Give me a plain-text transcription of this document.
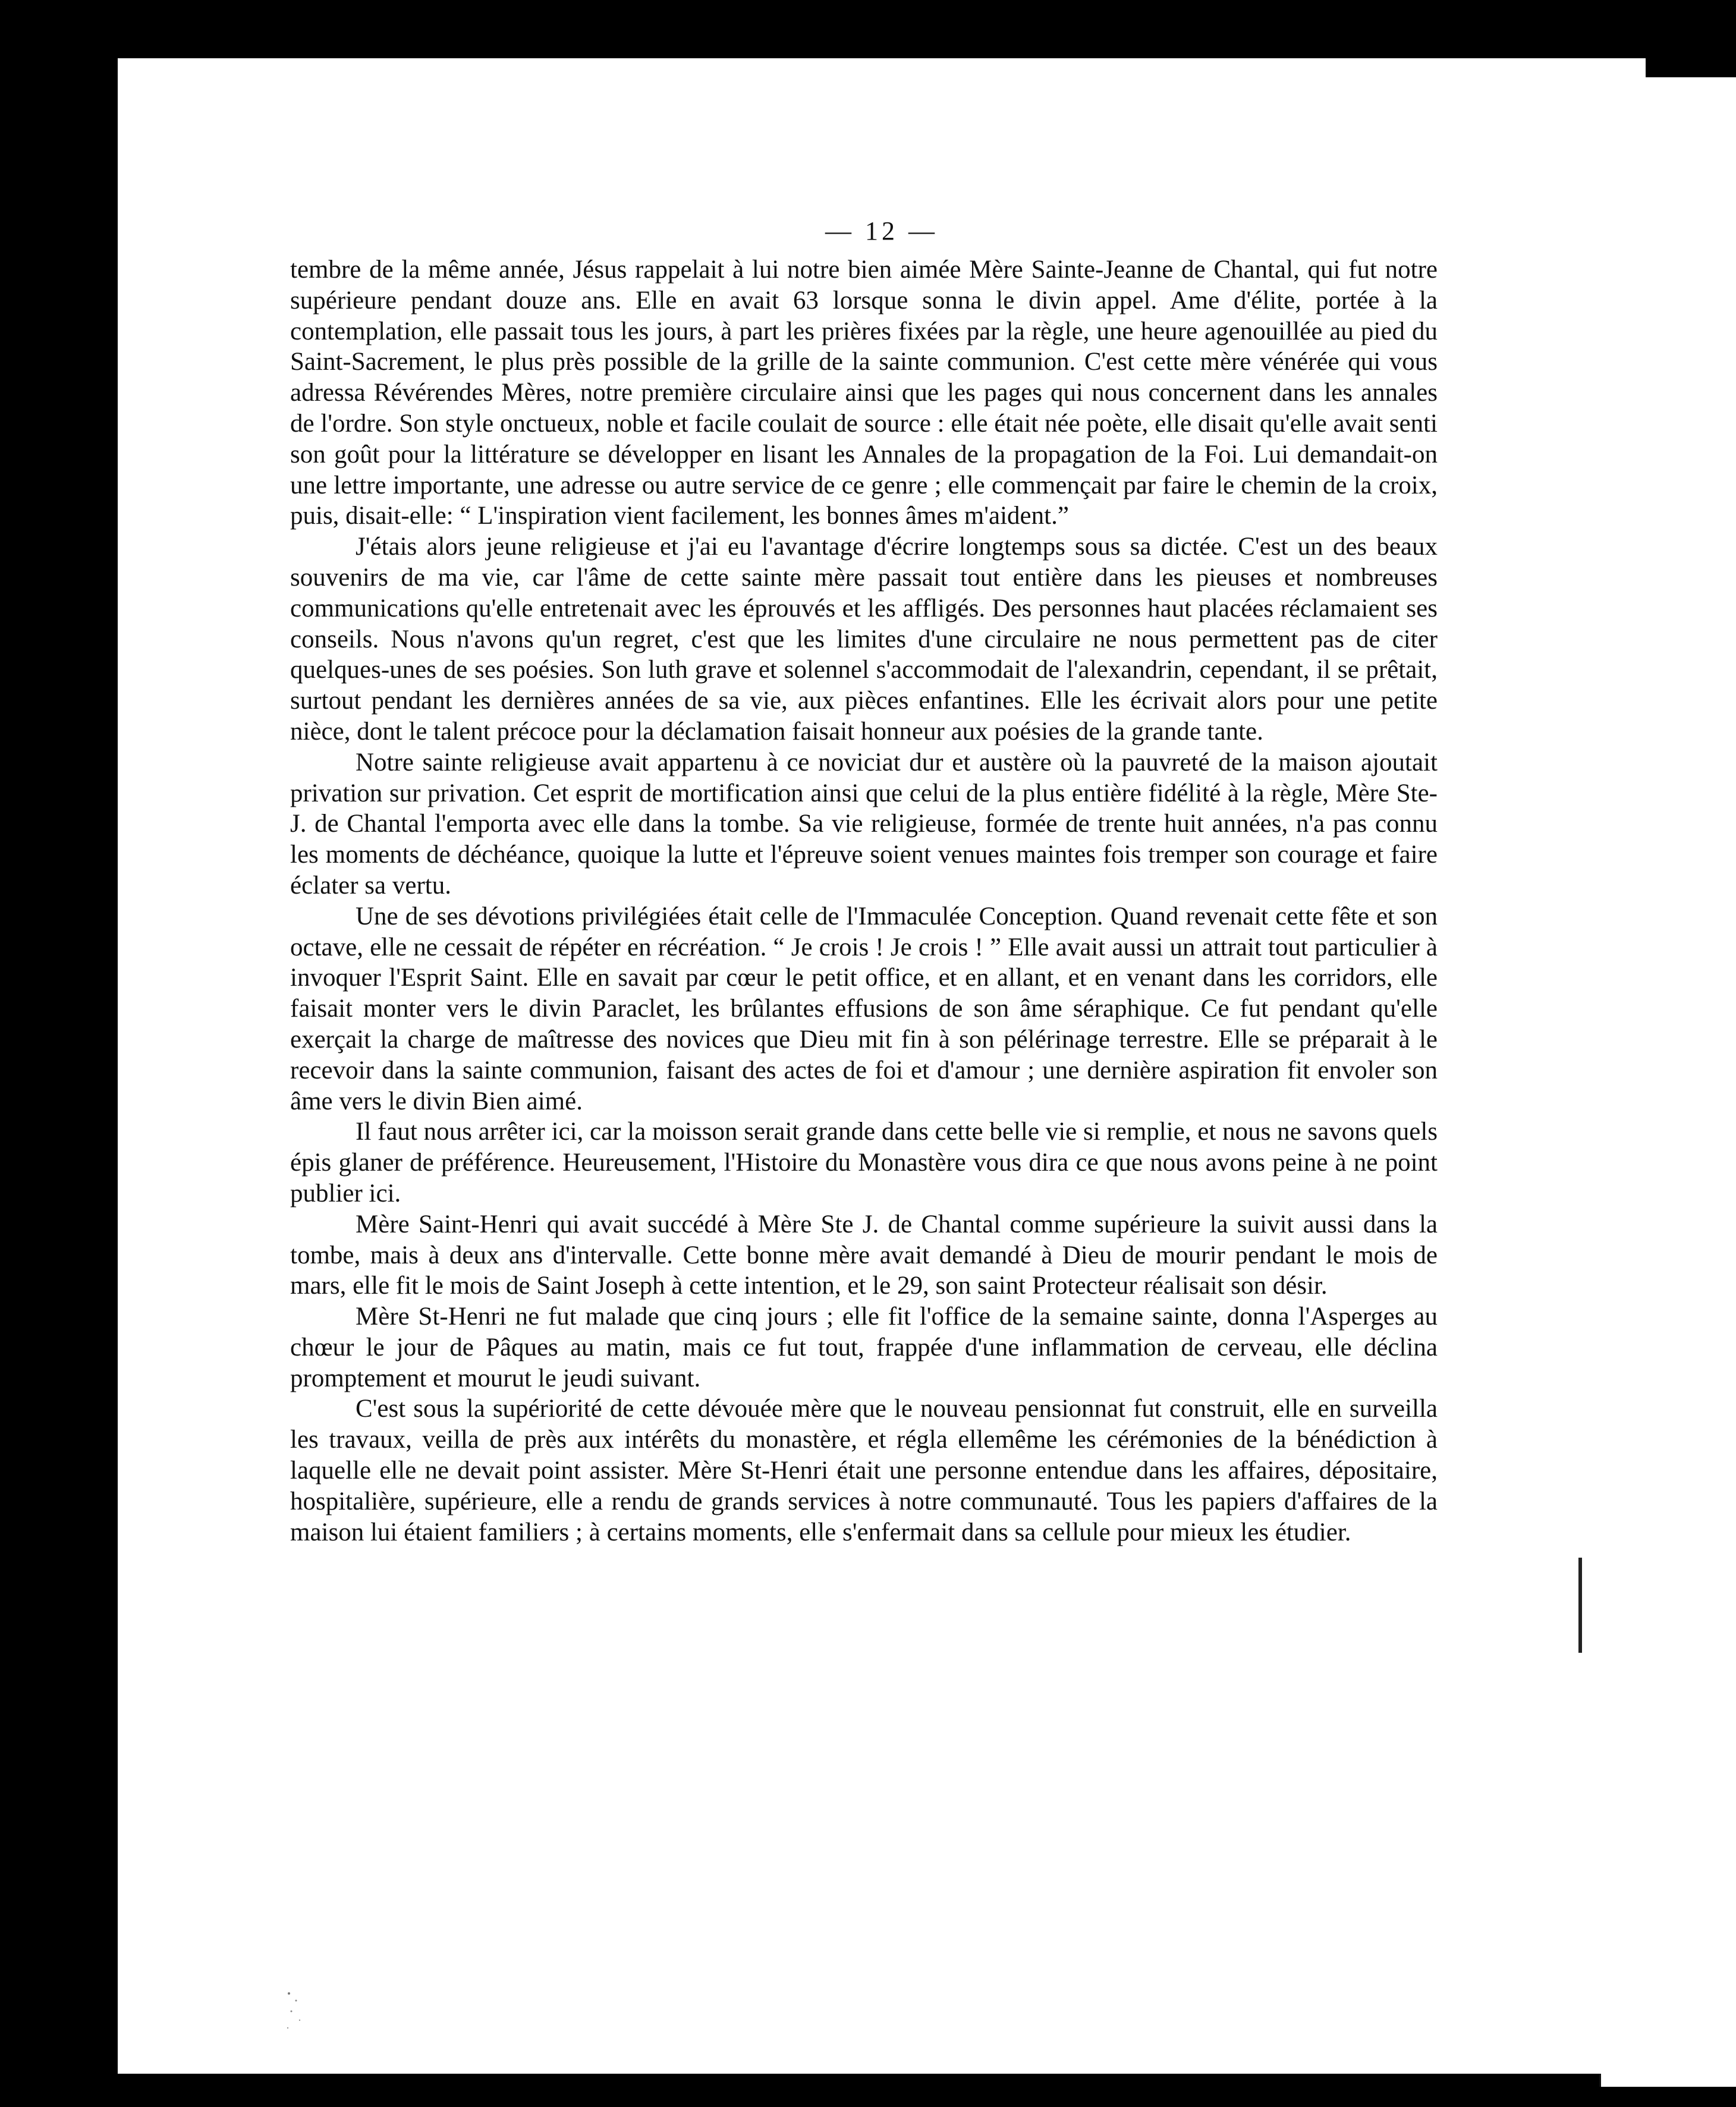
— 12 —

tembre de la même année, Jésus rappelait à lui notre bien aimée Mère Sainte-Jeanne de Chantal, qui fut notre supérieure pendant douze ans. Elle en avait 63 lorsque sonna le divin appel. Ame d'élite, portée à la contemplation, elle passait tous les jours, à part les prières fixées par la règle, une heure agenouillée au pied du Saint-Sacrement, le plus près possible de la grille de la sainte communion. C'est cette mère vénérée qui vous adressa Révérendes Mères, notre première circulaire ainsi que les pages qui nous concernent dans les annales de l'ordre. Son style onctueux, noble et facile coulait de source : elle était née poète, elle disait qu'elle avait senti son goût pour la littérature se développer en lisant les Annales de la propagation de la Foi. Lui demandait-on une lettre importante, une adresse ou autre service de ce genre ; elle commençait par faire le chemin de la croix, puis, disait-elle: “ L'inspiration vient facilement, les bonnes âmes m'aident.”

J'étais alors jeune religieuse et j'ai eu l'avantage d'écrire longtemps sous sa dictée. C'est un des beaux souvenirs de ma vie, car l'âme de cette sainte mère passait tout entière dans les pieuses et nombreuses communications qu'elle entretenait avec les éprouvés et les affligés. Des personnes haut placées réclamaient ses conseils. Nous n'avons qu'un regret, c'est que les limites d'une circulaire ne nous permettent pas de citer quelques-unes de ses poésies. Son luth grave et solennel s'accommodait de l'alexandrin, cependant, il se prêtait, surtout pendant les dernières années de sa vie, aux pièces enfantines. Elle les écrivait alors pour une petite nièce, dont le talent précoce pour la déclamation faisait honneur aux poésies de la grande tante.

Notre sainte religieuse avait appartenu à ce noviciat dur et austère où la pauvreté de la maison ajoutait privation sur privation. Cet esprit de mortification ainsi que celui de la plus entière fidélité à la règle, Mère Ste-J. de Chantal l'emporta avec elle dans la tombe. Sa vie religieuse, formée de trente huit années, n'a pas connu les moments de déchéance, quoique la lutte et l'épreuve soient venues maintes fois tremper son courage et faire éclater sa vertu.

Une de ses dévotions privilégiées était celle de l'Immaculée Conception. Quand revenait cette fête et son octave, elle ne cessait de répéter en récréation. “ Je crois ! Je crois ! ” Elle avait aussi un attrait tout particulier à invoquer l'Esprit Saint. Elle en savait par cœur le petit office, et en allant, et en venant dans les corridors, elle faisait monter vers le divin Paraclet, les brûlantes effusions de son âme séraphique. Ce fut pendant qu'elle exerçait la charge de maîtresse des novices que Dieu mit fin à son pélérinage terrestre. Elle se préparait à le recevoir dans la sainte communion, faisant des actes de foi et d'amour ; une dernière aspiration fit envoler son âme vers le divin Bien aimé.

Il faut nous arrêter ici, car la moisson serait grande dans cette belle vie si remplie, et nous ne savons quels épis glaner de préférence. Heureusement, l'Histoire du Monastère vous dira ce que nous avons peine à ne point publier ici.

Mère Saint-Henri qui avait succédé à Mère Ste J. de Chantal comme supérieure la suivit aussi dans la tombe, mais à deux ans d'intervalle. Cette bonne mère avait demandé à Dieu de mourir pendant le mois de mars, elle fit le mois de Saint Joseph à cette intention, et le 29, son saint Protecteur réalisait son désir.

Mère St-Henri ne fut malade que cinq jours ; elle fit l'office de la semaine sainte, donna l'Asperges au chœur le jour de Pâques au matin, mais ce fut tout, frappée d'une inflammation de cerveau, elle déclina promptement et mourut le jeudi suivant.

C'est sous la supériorité de cette dévouée mère que le nouveau pensionnat fut construit, elle en surveilla les travaux, veilla de près aux intérêts du monastère, et régla ellemême les cérémonies de la bénédiction à laquelle elle ne devait point assister. Mère St-Henri était une personne entendue dans les affaires, dépositaire, hospitalière, supérieure, elle a rendu de grands services à notre communauté. Tous les papiers d'affaires de la maison lui étaient familiers ; à certains moments, elle s'enfermait dans sa cellule pour mieux les étudier.
